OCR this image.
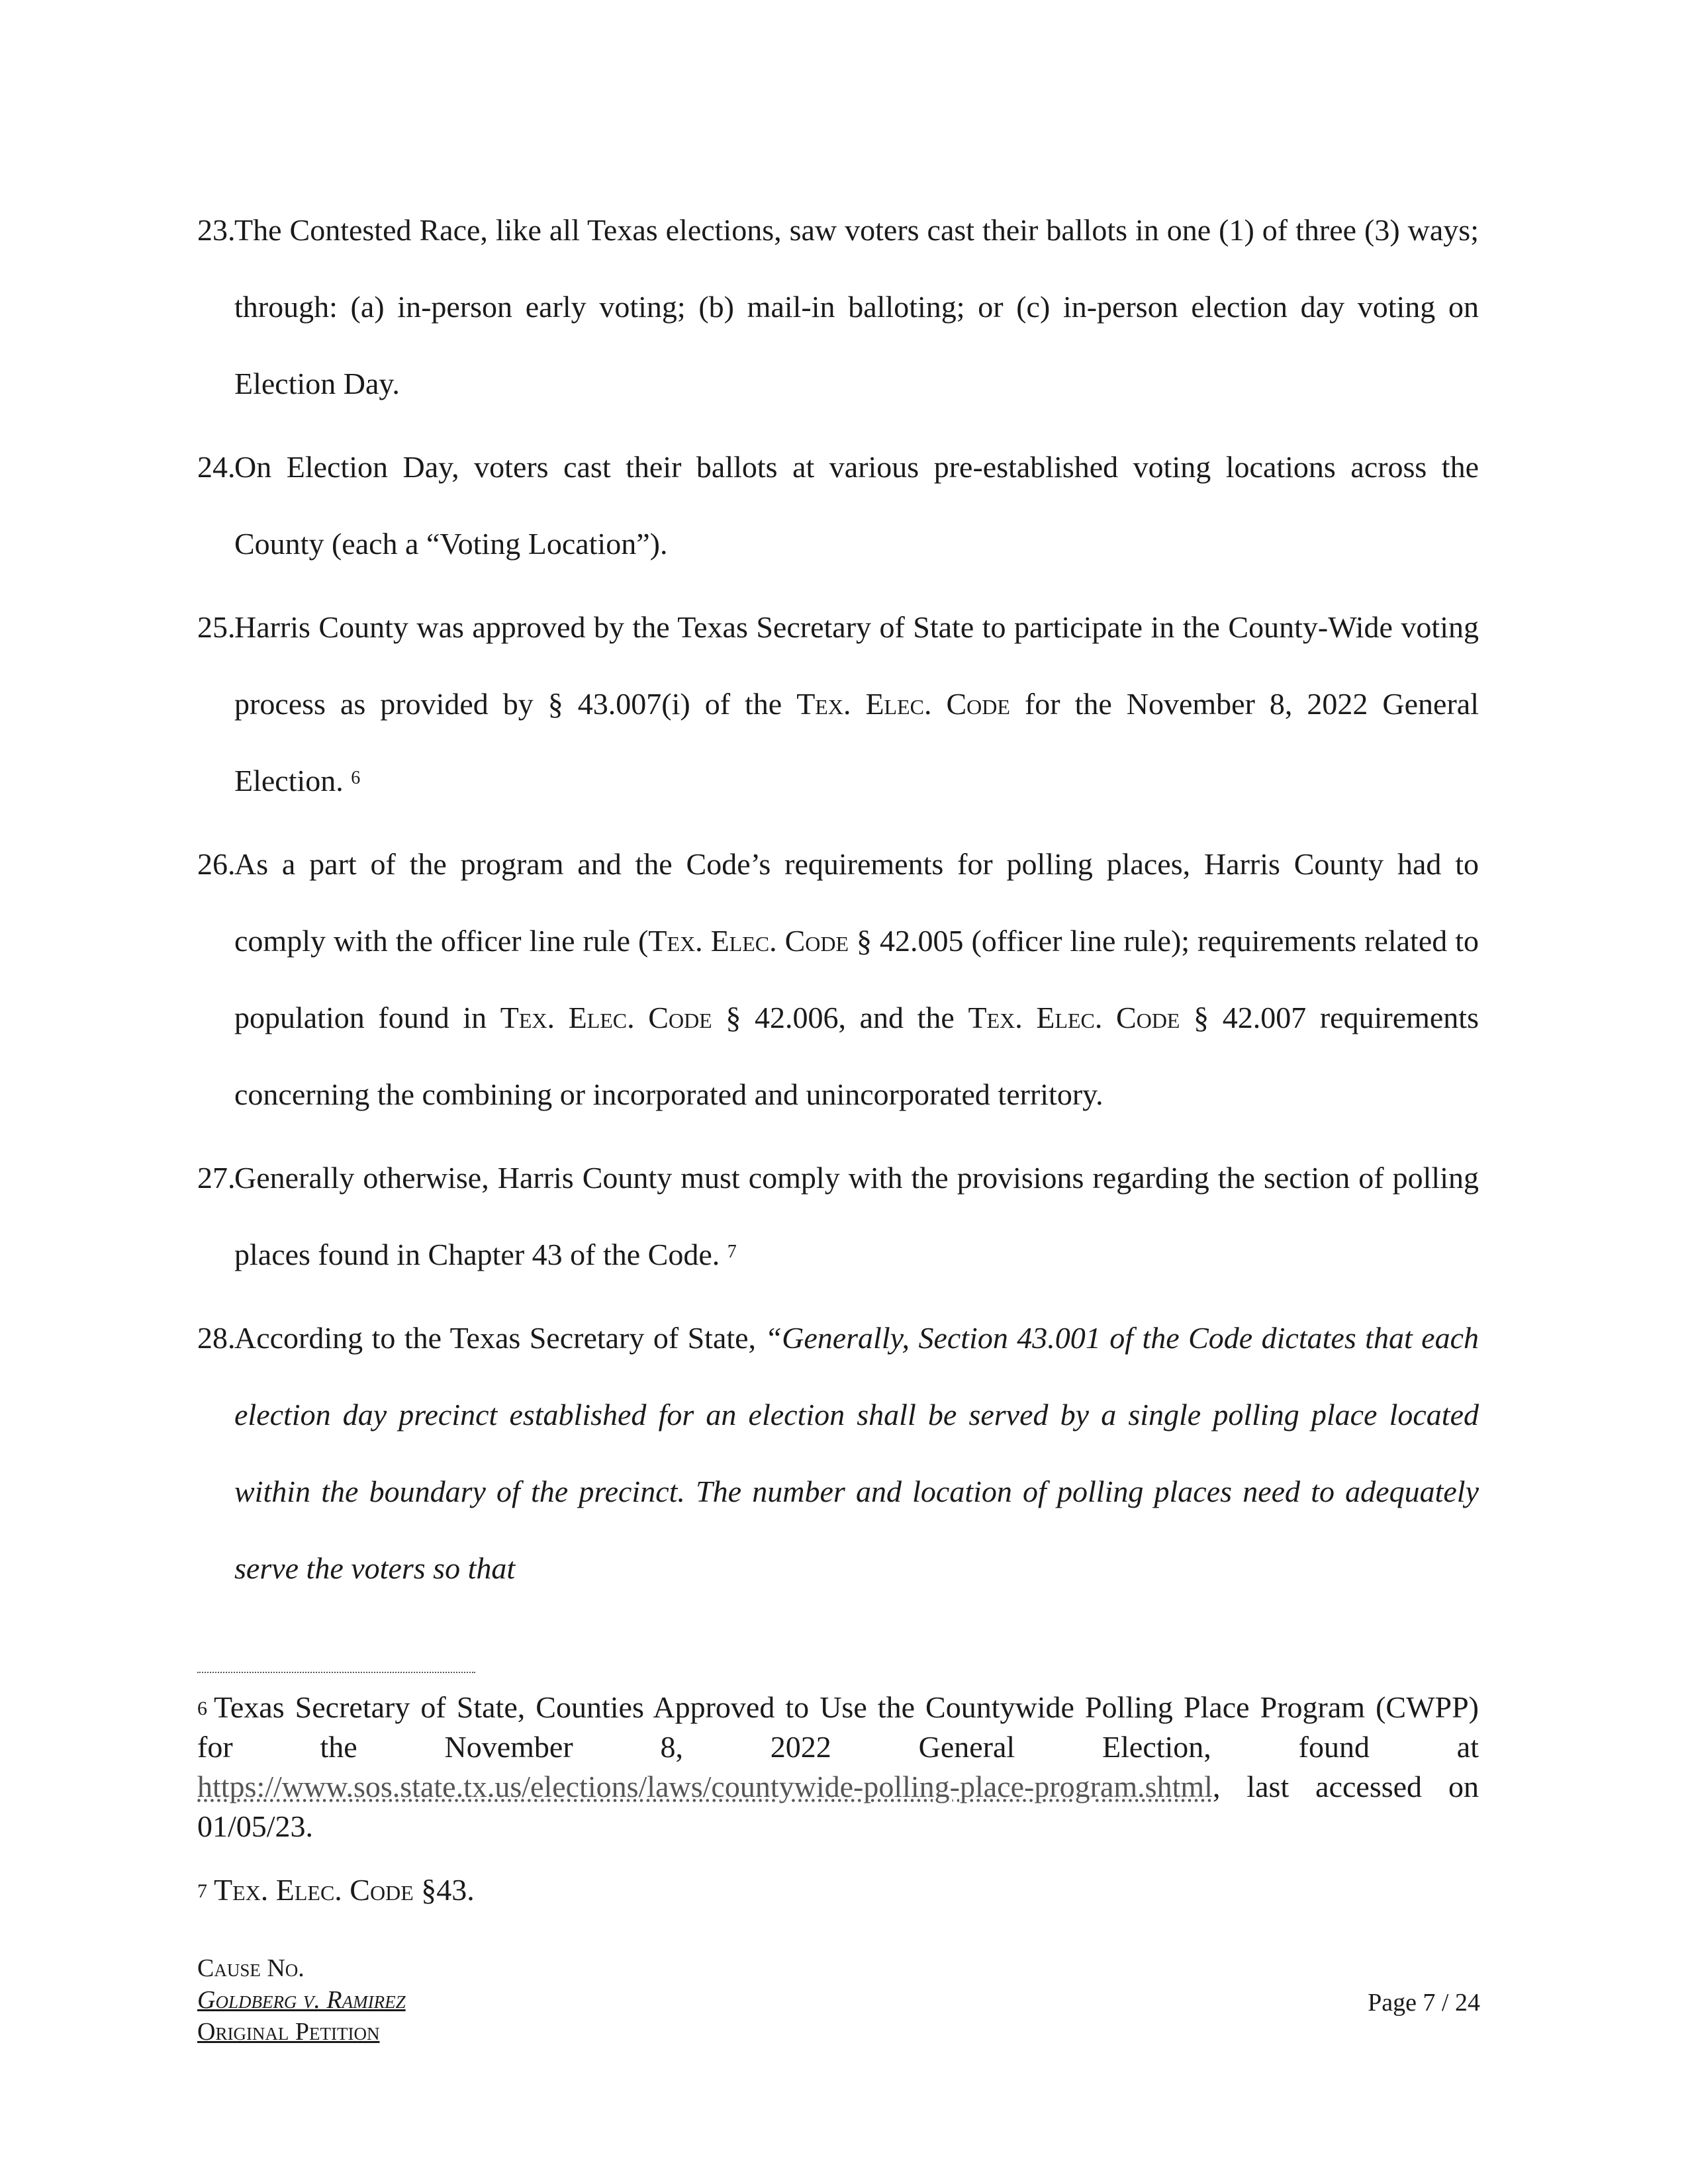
23.
The Contested Race, like all Texas elections, saw voters cast their ballots in one (1) of three (3) ways; through: (a) in-person early voting; (b) mail-in balloting; or (c) in-person election day voting on Election Day.

24.
On Election Day, voters cast their ballots at various pre-established voting locations across the County (each a “Voting Location”).

25.
Harris County was approved by the Texas Secretary of State to participate in the County-Wide voting process as provided by § 43.007(i) of the Tex. Elec. Code for the November 8, 2022 General Election. $^6$

26.
As a part of the program and the Code’s requirements for polling places, Harris County had to comply with the officer line rule (Tex. Elec. Code § 42.005 (officer line rule); requirements related to population found in Tex. Elec. Code § 42.006, and the Tex. Elec. Code § 42.007 requirements concerning the combining or incorporated and unincorporated territory.

27.
Generally otherwise, Harris County must comply with the provisions regarding the section of polling places found in Chapter 43 of the Code. $^7$

28.
According to the Texas Secretary of State, “Generally, Section 43.001 of the Code dictates that each election day precinct established for an election shall be served by a single polling place located within the boundary of the precinct. The number and location of polling places need to adequately serve the voters so that

$^6$ Texas Secretary of State, Counties Approved to Use the Countywide Polling Place Program (CWPP) for the November 8, 2022 General Election, found at https://www.sos.state.tx.us/elections/laws/countywide-polling-place-program.shtml, last accessed on 01/05/23.

$^7$ Tex. Elec. Code §43.

Cause No.
Goldberg v. Ramirez
Original Petition
Page 7 / 24
